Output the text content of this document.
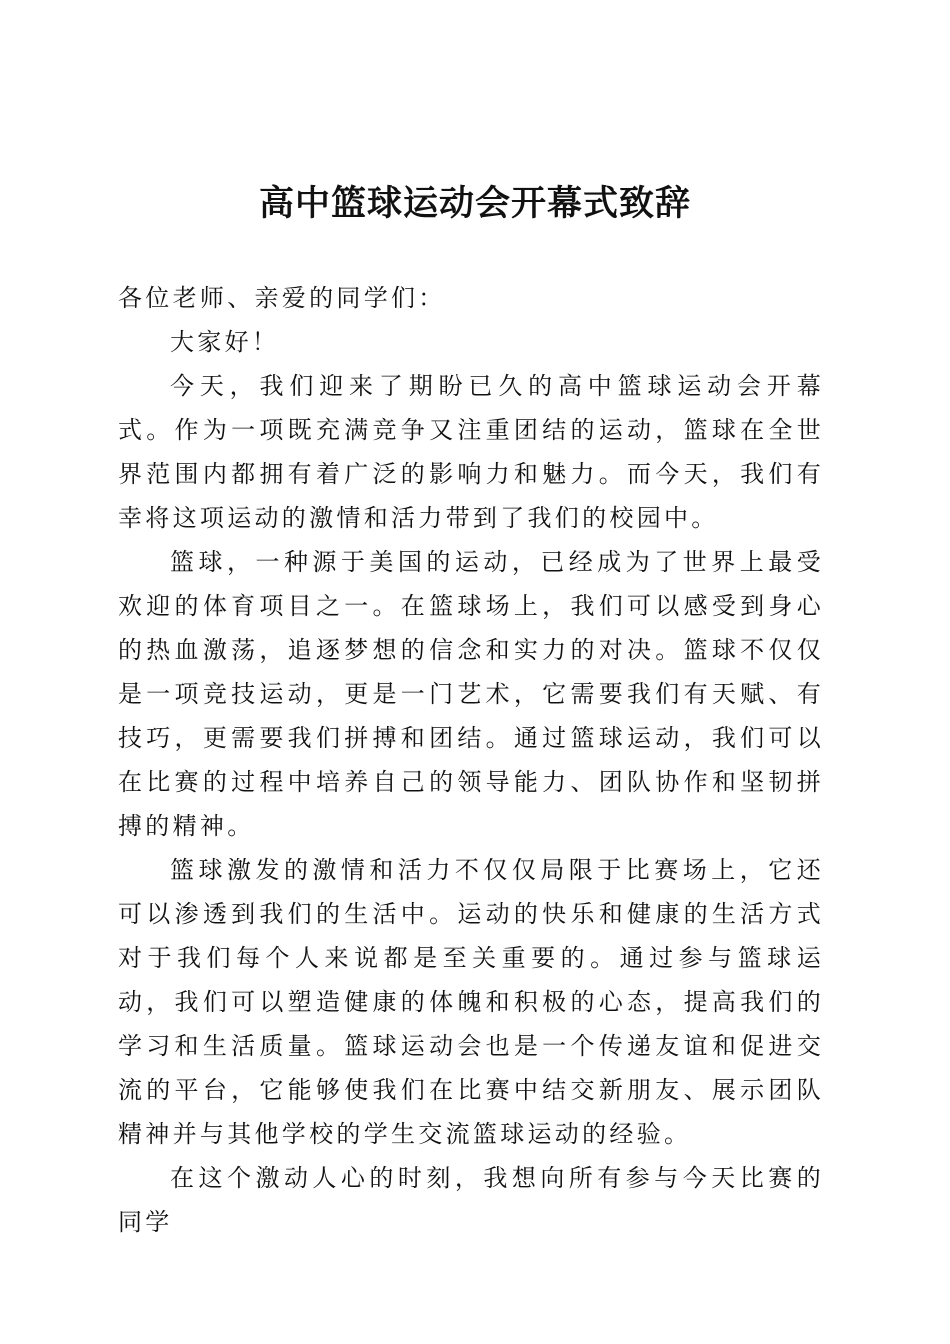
高中篮球运动会开幕式致辞

各位老师、亲爱的同学们：

大家好！

今天，我们迎来了期盼已久的高中篮球运动会开幕式。作为一项既充满竞争又注重团结的运动，篮球在全世界范围内都拥有着广泛的影响力和魅力。而今天，我们有幸将这项运动的激情和活力带到了我们的校园中。

篮球，一种源于美国的运动，已经成为了世界上最受欢迎的体育项目之一。在篮球场上，我们可以感受到身心的热血激荡，追逐梦想的信念和实力的对决。篮球不仅仅是一项竞技运动，更是一门艺术，它需要我们有天赋、有技巧，更需要我们拼搏和团结。通过篮球运动，我们可以在比赛的过程中培养自己的领导能力、团队协作和坚韧拼搏的精神。

篮球激发的激情和活力不仅仅局限于比赛场上，它还可以渗透到我们的生活中。运动的快乐和健康的生活方式对于我们每个人来说都是至关重要的。通过参与篮球运动，我们可以塑造健康的体魄和积极的心态，提高我们的学习和生活质量。篮球运动会也是一个传递友谊和促进交流的平台，它能够使我们在比赛中结交新朋友、展示团队精神并与其他学校的学生交流篮球运动的经验。

在这个激动人心的时刻，我想向所有参与今天比赛的同学
